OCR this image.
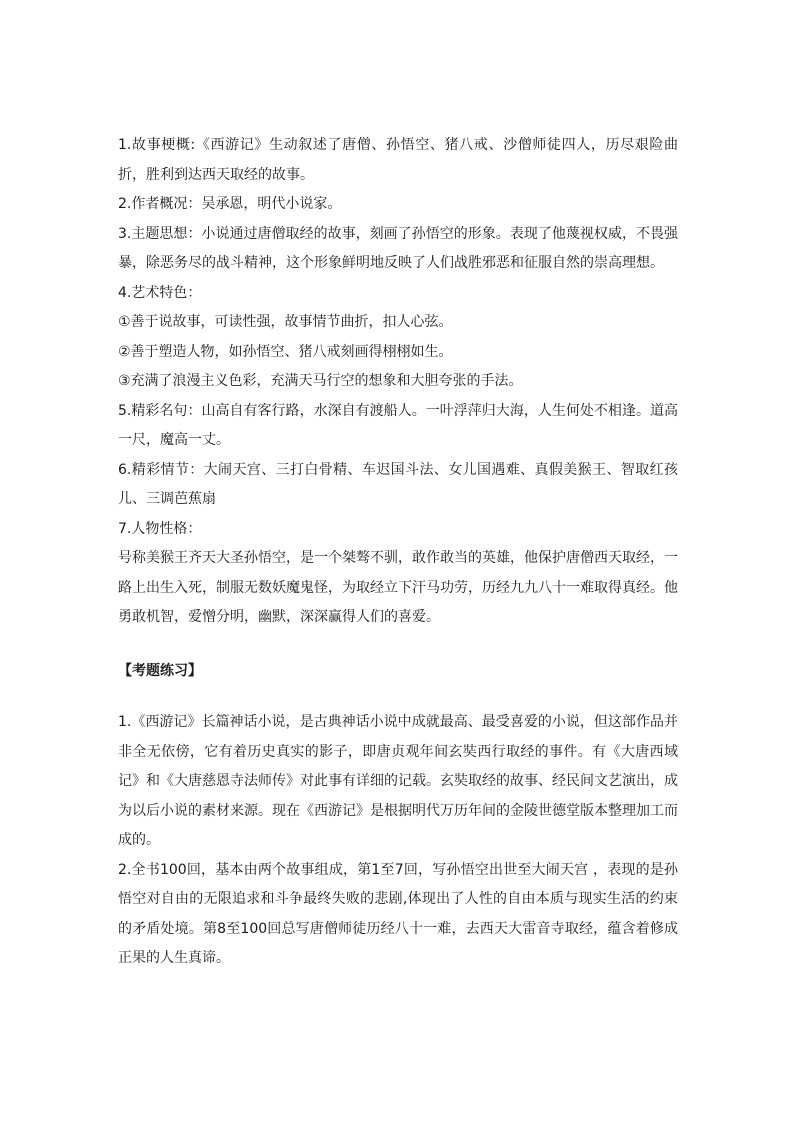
1.故事梗概:《西游记》生动叙述了唐僧、孙悟空、猪八戒、沙僧师徒四人，历尽艰险曲折，胜利到达西天取经的故事。

2.作者概况：吴承恩，明代小说家。

3.主题思想：小说通过唐僧取经的故事，刻画了孙悟空的形象。表现了他蔑视权威，不畏强暴，除恶务尽的战斗精神，这个形象鲜明地反映了人们战胜邪恶和征服自然的崇高理想。

4.艺术特色：

①善于说故事，可读性强，故事情节曲折，扣人心弦。

②善于塑造人物，如孙悟空、猪八戒刻画得栩栩如生。

③充满了浪漫主义色彩，充满天马行空的想象和大胆夸张的手法。

5.精彩名句：山高自有客行路，水深自有渡船人。一叶浮萍归大海，人生何处不相逢。道高一尺，魔高一丈。

6.精彩情节：大闹天宫、三打白骨精、车迟国斗法、女儿国遇难、真假美猴王、智取红孩儿、三调芭蕉扇

7.人物性格：

号称美猴王齐天大圣孙悟空，是一个桀骜不驯，敢作敢当的英雄，他保护唐僧西天取经，一路上出生入死，制服无数妖魔鬼怪，为取经立下汗马功劳，历经九九八十一难取得真经。他勇敢机智，爱憎分明，幽默，深深赢得人们的喜爱。

【考题练习】

1.《西游记》长篇神话小说，是古典神话小说中成就最高、最受喜爱的小说，但这部作品并非全无依傍，它有着历史真实的影子，即唐贞观年间玄奘西行取经的事件。有《大唐西域记》和《大唐慈恩寺法师传》对此事有详细的记载。玄奘取经的故事、经民间文艺演出，成为以后小说的素材来源。现在《西游记》是根据明代万历年间的金陵世德堂版本整理加工而成的。

2.全书100回，基本由两个故事组成，第1至7回，写孙悟空出世至大闹天宫 ，表现的是孙悟空对自由的无限追求和斗争最终失败的悲剧,体现出了人性的自由本质与现实生活的约束的矛盾处境。第8至100回总写唐僧师徒历经八十一难，去西天大雷音寺取经，蕴含着修成正果的人生真谛。
